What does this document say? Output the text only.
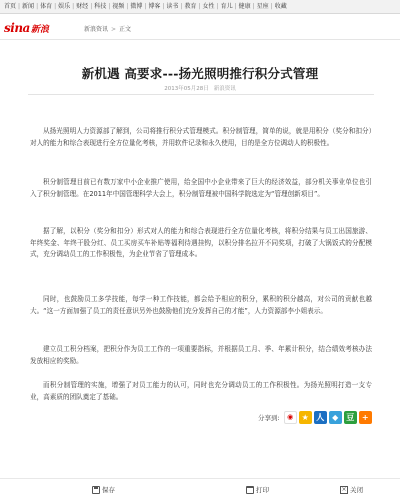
首页 | 新闻 | 体育 | 娱乐 | 财经 | 科技 | 视频 | 微博 | 博客 | 读书 | 教育 | 女性 | 育儿 | 健康 | 星座 | 收藏
sina 新浪	新浪资讯 > 正文
新机遇 高要求---扬光照明推行积分式管理
2013年05月28日 新浪资讯

从扬光照明人力资源部了解到，公司将推行积分式管理模式。积分制管理，简单的说，就是用积分（奖分和扣分）对人的能力和综合表现进行全方位量化考核，并用软件记录和永久使用，目的是全方位调动人的积极性。

积分制管理目前已有数万家中小企业推广使用，给全国中小企业带来了巨大的经济效益，部分机关事业单位也引入了积分制管理。在2011年中国管理科学大会上，积分制管理被中国科学院选定为“管理创新项目”。

据了解，以积分（奖分和扣分）形式对人的能力和综合表现进行全方位量化考核，将积分结果与员工出国旅游、年终奖金、年终干股分红、员工买房买车补贴等福利待遇挂钩，以积分排名拉开不同奖项，打破了大锅饭式的分配模式，充分调动员工的工作积极性，为企业节省了管理成本。

同时，也鼓励员工多学技能，每学一种工作技能，都会给予相应的积分，累积的积分越高，对公司的贡献也越大。“这一方面加强了员工的责任意识另外也鼓励他们充分发挥自己的才能”，人力资源部李小姐表示。

建立员工积分档案，把积分作为员工工作的一项重要指标，并根据员工月、季、年累计积分，结合绩效考核办法发放相应的奖励。

而积分制管理的实施，增强了对员工能力的认可，同时也充分调动员工的工作积极性。为扬光照明打造一支专业，高素质的团队奠定了基础。

分享到: ◉ ★ 人 ◆ 豆 +
保存	打印	× 关闭
